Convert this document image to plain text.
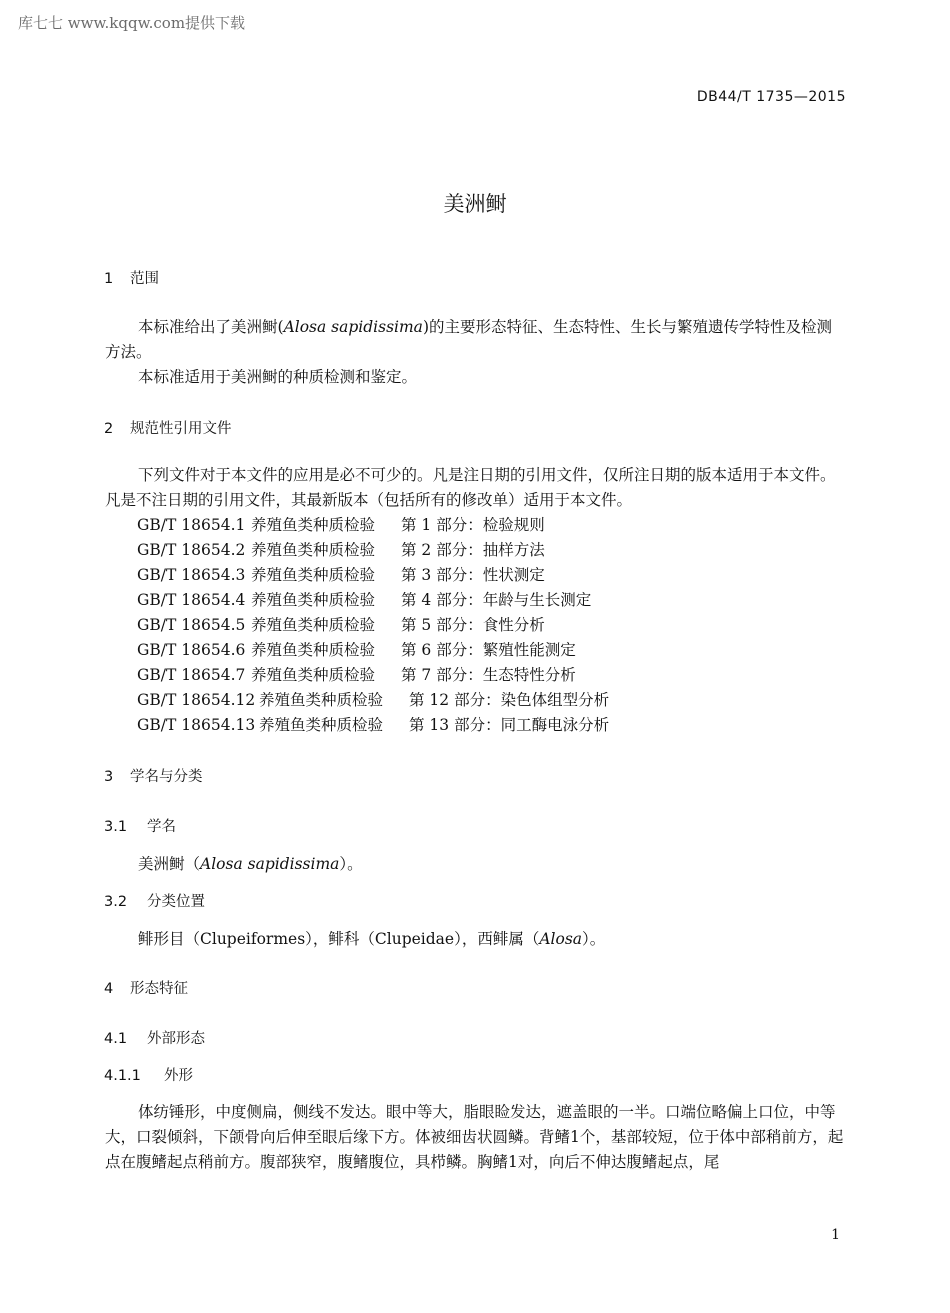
库七七 www.kqqw.com提供下载
DB44/T 1735—2015
美洲鲥
1 范围
本标准给出了美洲鲥(Alosa sapidissima)的主要形态特征、生态特性、生长与繁殖遗传学特性及检测方法。
本标准适用于美洲鲥的种质检测和鉴定。
2 规范性引用文件
下列文件对于本文件的应用是必不可少的。凡是注日期的引用文件，仅所注日期的版本适用于本文件。凡是不注日期的引用文件，其最新版本（包括所有的修改单）适用于本文件。
GB/T 18654.1 养殖鱼类种质检验 第 1 部分：检验规则
GB/T 18654.2 养殖鱼类种质检验 第 2 部分：抽样方法
GB/T 18654.3 养殖鱼类种质检验 第 3 部分：性状测定
GB/T 18654.4 养殖鱼类种质检验 第 4 部分：年龄与生长测定
GB/T 18654.5 养殖鱼类种质检验 第 5 部分：食性分析
GB/T 18654.6 养殖鱼类种质检验 第 6 部分：繁殖性能测定
GB/T 18654.7 养殖鱼类种质检验 第 7 部分：生态特性分析
GB/T 18654.12 养殖鱼类种质检验 第 12 部分：染色体组型分析
GB/T 18654.13 养殖鱼类种质检验 第 13 部分：同工酶电泳分析
3 学名与分类
3.1 学名
美洲鲥（Alosa sapidissima）。
3.2 分类位置
鲱形目（Clupeiformes），鲱科（Clupeidae），西鲱属（Alosa）。
4 形态特征
4.1 外部形态
4.1.1 外形
体纺锤形，中度侧扁，侧线不发达。眼中等大，脂眼睑发达，遮盖眼的一半。口端位略偏上口位，中等大，口裂倾斜，下颌骨向后伸至眼后缘下方。体被细齿状圆鳞。背鳍1个，基部较短，位于体中部稍前方，起点在腹鳍起点稍前方。腹部狭窄，腹鳍腹位，具栉鳞。胸鳍1对，向后不伸达腹鳍起点，尾
1
